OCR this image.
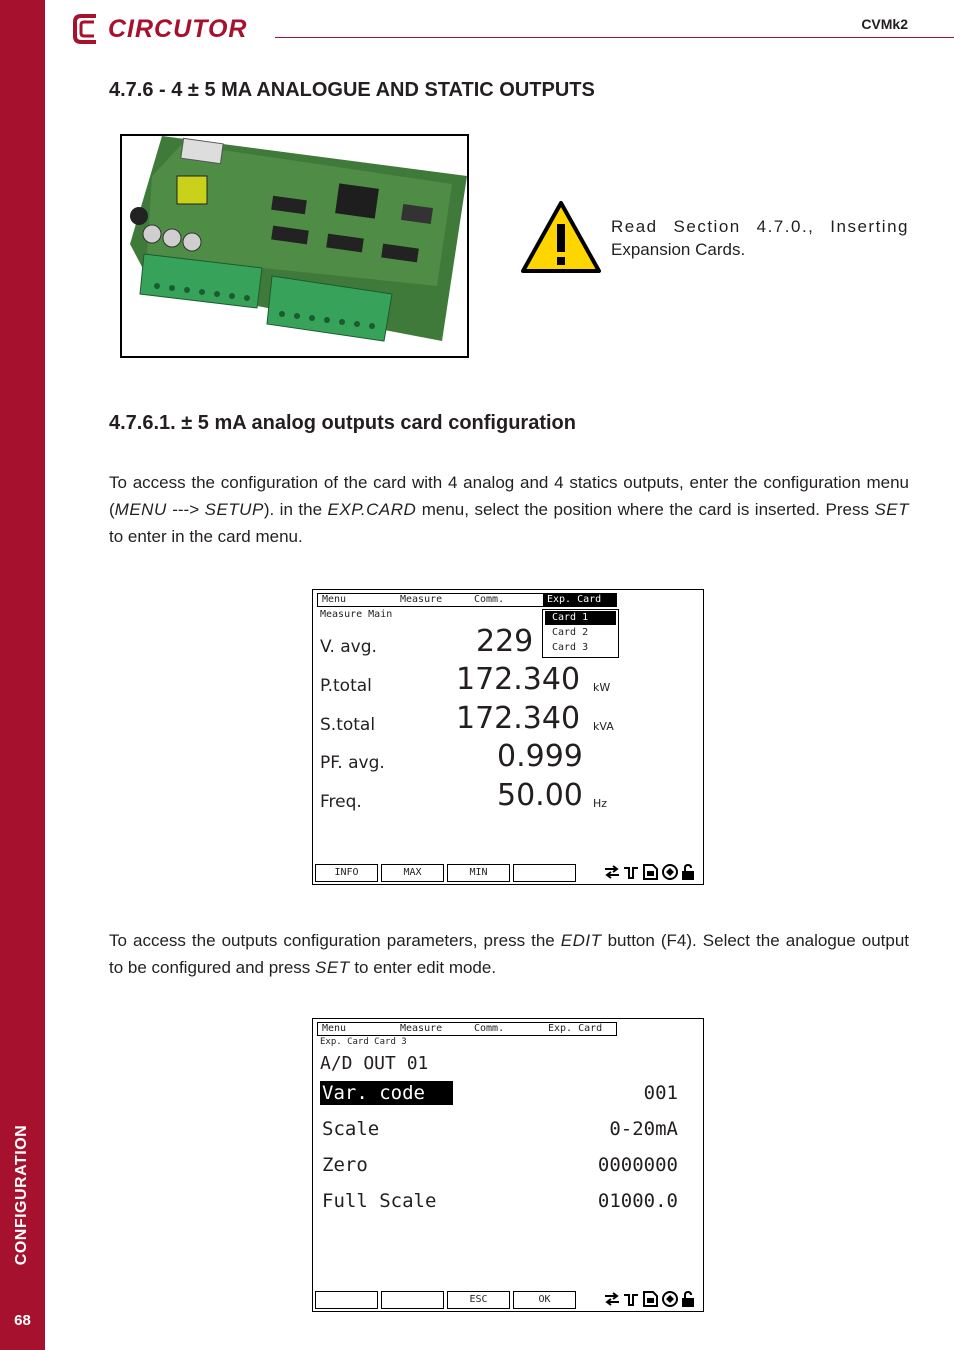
CONFIGURATION
68
CIRCUTOR	CVMk2
4.7.6 - 4 ± 5 MA ANALOGUE AND STATIC OUTPUTS
Read Section 4.7.0., Inserting
Expansion Cards.
4.7.6.1. ± 5 mA analog outputs card configuration

To access the configuration of the card with 4 analog and 4 statics outputs, enter the configuration menu (MENU ---> SETUP). in the EXP.CARD menu, select the position where the card is inserted. Press SET to enter in the card menu.

Menu	Measure	Comm.	Exp. Card
Measure Main
V. avg.	229
P.total	172.340 kW
S.total	172.340 kVA
PF. avg.	0.999
Freq.	50.00 Hz
Card 1
Card 2
Card 3
INFO	MAX	MIN

To access the outputs configuration parameters, press the EDIT button (F4). Select the analogue output to be configured and press SET to enter edit mode.

Menu	Measure	Comm.	Exp. Card
Exp. Card Card 3
A/D OUT 01
Var. code	001
Scale	0-20mA
Zero	0000000
Full Scale	01000.0
ESC	OK
